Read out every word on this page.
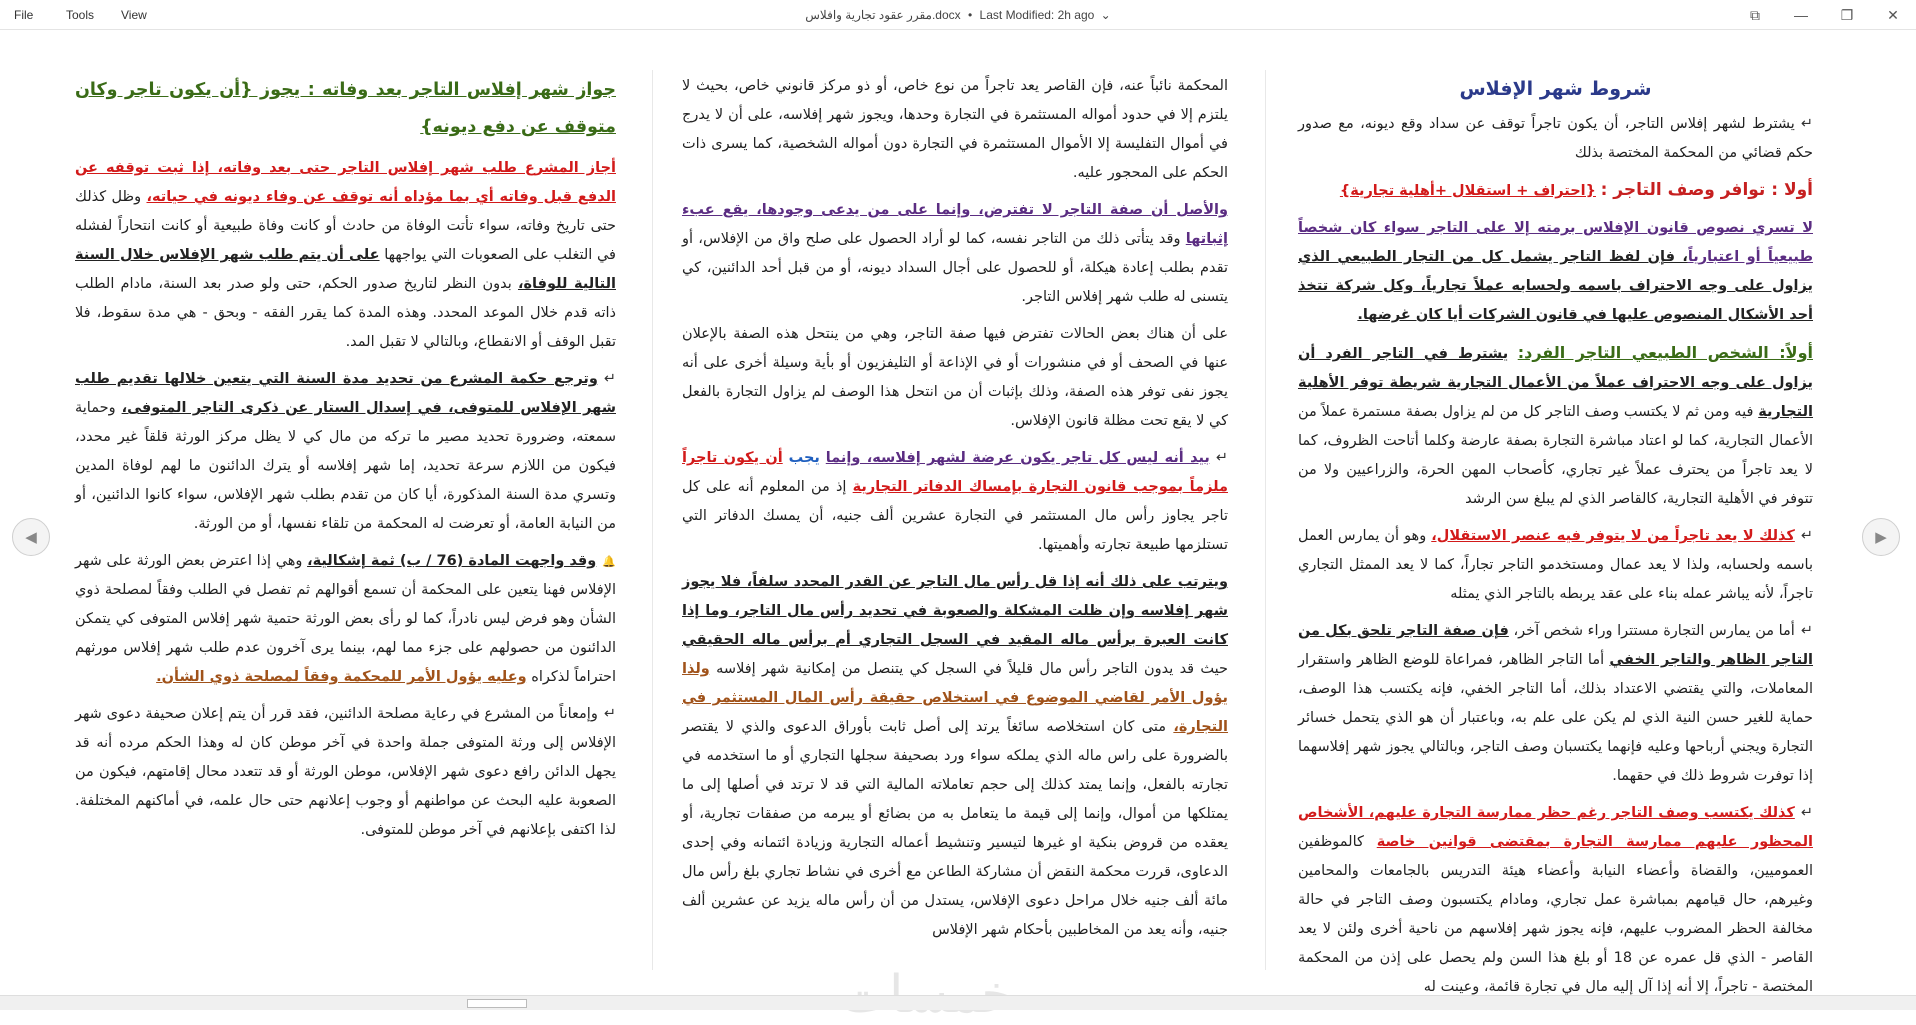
File	Tools View	مقرر عقود تجارية وافلاس.docx • Last Modified: 2h ago ⌄	⧉	—	❐	✕
شروط شهر الإفلاس

↵يشترط لشهر إفلاس التاجر، أن يكون تاجراً توقف عن سداد وقع ديونه، مع صدور حكم قضائي من المحكمة المختصة بذلك

أولا : توافر وصف التاجر : {احتراف + استقلال +أهلية تجارية}

لا تسري نصوص قانون الإفلاس برمته إلا على التاجر سواء كان شخصاً طبيعياً أو اعتبارياً، فإن لفظ التاجر يشمل كل من التجار الطبيعي الذي يزاول على وجه الاحتراف باسمه ولحسابه عملاً تجارياً، وكل شركة تتخذ أحد الأشكال المنصوص عليها في قانون الشركات أيا كان غرضها.

أولاً: الشخص الطبيعي التاجر الفرد: يشترط في التاجر الفرد أن يزاول على وجه الاحتراف عملاً من الأعمال التجارية شريطة توفر الأهلية التجارية فيه ومن ثم لا يكتسب وصف التاجر كل من لم يزاول بصفة مستمرة عملاً من الأعمال التجارية، كما لو اعتاد مباشرة التجارة بصفة عارضة وكلما أتاحت الظروف، كما لا يعد تاجراً من يحترف عملاً غير تجاري، كأصحاب المهن الحرة، والزراعيين ولا من تتوفر في الأهلية التجارية، كالقاصر الذي لم يبلغ سن الرشد

↵كذلك لا يعد تاجراً من لا يتوفر فيه عنصر الاستقلال، وهو أن يمارس العمل باسمه ولحسابه، ولذا لا يعد عمال ومستخدمو التاجر تجاراً، كما لا يعد الممثل التجاري تاجراً، لأنه يباشر عمله بناء على عقد يربطه بالتاجر الذي يمثله

↵أما من يمارس التجارة مستترا وراء شخص آخر، فإن صفة التاجر تلحق بكل من التاجر الظاهر والتاجر الخفي أما التاجر الظاهر، فمراعاة للوضع الظاهر واستقرار المعاملات، والتي يقتضي الاعتداد بذلك، أما التاجر الخفي، فإنه يكتسب هذا الوصف، حماية للغير حسن النية الذي لم يكن على علم به، وباعتبار أن هو الذي يتحمل خسائر التجارة ويجني أرباحها وعليه فإنهما يكتسبان وصف التاجر، وبالتالي يجوز شهر إفلاسهما إذا توفرت شروط ذلك في حقهما.

↵كذلك يكتسب وصف التاجر رغم حظر ممارسة التجارة عليهم، الأشخاص المحظور عليهم ممارسة التجارة بمقتضى قوانين خاصة كالموظفين العموميين، والقضاة وأعضاء النيابة وأعضاء هيئة التدريس بالجامعات والمحامين وغيرهم، حال قيامهم بمباشرة عمل تجاري، ومادام يكتسبون وصف التاجر في حالة مخالفة الحظر المضروب عليهم، فإنه يجوز شهر إفلاسهم من ناحية أخرى ولئن لا يعد القاصر - الذي قل عمره عن 18 أو بلغ هذا السن ولم يحصل على إذن من المحكمة المختصة - تاجراً، إلا أنه إذا آل إليه مال في تجارة قائمة، وعينت له

المحكمة نائباً عنه، فإن القاصر يعد تاجراً من نوع خاص، أو ذو مركز قانوني خاص، بحيث لا يلتزم إلا في حدود أمواله المستثمرة في التجارة وحدها، ويجوز شهر إفلاسه، على أن لا يدرج في أموال التفليسة إلا الأموال المستثمرة في التجارة دون أمواله الشخصية، كما يسرى ذات الحكم على المحجور عليه.

والأصل أن صفة التاجر لا تفترض، وإنما على من يدعى وجودها، يقع عبء إثباتها وقد يتأتى ذلك من التاجر نفسه، كما لو أراد الحصول على صلح واق من الإفلاس، أو تقدم بطلب إعادة هيكلة، أو للحصول على أجال السداد ديونه، أو من قبل أحد الدائنين، كي يتسنى له طلب شهر إفلاس التاجر.

على أن هناك بعض الحالات تفترض فيها صفة التاجر، وهي من ينتحل هذه الصفة بالإعلان عنها في الصحف أو في منشورات أو في الإذاعة أو التليفزيون أو بأية وسيلة أخرى على أنه يجوز نفى توفر هذه الصفة، وذلك بإثبات أن من انتحل هذا الوصف لم يزاول التجارة بالفعل كي لا يقع تحت مظلة قانون الإفلاس.

↵بيد أنه ليس كل تاجر يكون عرضة لشهر إفلاسه، وإنما يجب أن يكون تاجراً ملزماً بموجب قانون التجارة بإمساك الدفاتر التجارية إذ من المعلوم أنه على كل تاجر يجاوز رأس مال المستثمر في التجارة عشرين ألف جنيه، أن يمسك الدفاتر التي تستلزمها طبيعة تجارته وأهميتها.

ويترتب على ذلك أنه إذا قل رأس مال التاجر عن القدر المحدد سلفاً، فلا يجوز شهر إفلاسه وإن ظلت المشكلة والصعوبة في تحديد رأس مال التاجر، وما إذا كانت العبرة برأس ماله المقيد في السجل التجاري أم برأس ماله الحقيقي حيث قد يدون التاجر رأس مال قليلاً في السجل كي يتنصل من إمكانية شهر إفلاسه ولذا يؤول الأمر لقاضي الموضوع في استخلاص حقيقة رأس المال المستثمر في التجارة، متى كان استخلاصه سائغاً يرتد إلى أصل ثابت بأوراق الدعوى والذي لا يقتصر بالضرورة على راس ماله الذي يملكه سواء ورد بصحيفة سجلها التجاري أو ما استخدمه في تجارته بالفعل، وإنما يمتد كذلك إلى حجم تعاملاته المالية التي قد لا ترتد في أصلها إلى ما يمتلكها من أموال، وإنما إلى قيمة ما يتعامل به من بضائع أو يبرمه من صفقات تجارية، أو يعقده من قروض بنكية او غيرها لتيسير وتنشيط أعماله التجارية وزيادة ائتمانه وفي إحدى الدعاوى، قررت محكمة النقض أن مشاركة الطاعن مع أخرى في نشاط تجاري بلغ رأس مال مائة ألف جنيه خلال مراحل دعوى الإفلاس، يستدل من أن رأس ماله يزيد عن عشرين ألف جنيه، وأنه يعد من المخاطبين بأحكام شهر الإفلاس

جواز شهر إفلاس التاجر بعد وفاته : يجوز {أن يكون تاجر وكان متوقف عن دفع ديونه}

أجاز المشرع طلب شهر إفلاس التاجر حتى بعد وفاته، إذا ثبت توقفه عن الدفع قبل وفاته أي بما مؤداه أنه توقف عن وفاء ديونه في حياته، وظل كذلك حتى تاريخ وفاته، سواء تأتت الوفاة من حادث أو كانت وفاة طبيعية أو كانت انتحاراً لفشله في التغلب على الصعوبات التي يواجهها على أن يتم طلب شهر الإفلاس خلال السنة التالية للوفاة، بدون النظر لتاريخ صدور الحكم، حتى ولو صدر بعد السنة، مادام الطلب ذاته قدم خلال الموعد المحدد. وهذه المدة كما يقرر الفقه - وبحق - هي مدة سقوط، فلا تقبل الوقف أو الانقطاع، وبالتالي لا تقبل المد.

↵وترجع حكمة المشرع من تحديد مدة السنة التي يتعين خلالها تقديم طلب شهر الإفلاس للمتوفى، في إسدال الستار عن ذكرى التاجر المتوفى، وحماية سمعته، وضرورة تحديد مصير ما تركه من مال كي لا يظل مركز الورثة قلقاً غير محدد، فيكون من اللازم سرعة تحديد، إما شهر إفلاسه أو يترك الدائنون ما لهم لوفاة المدين وتسري مدة السنة المذكورة، أيا كان من تقدم بطلب شهر الإفلاس، سواء كانوا الدائنين، أو من النيابة العامة، أو تعرضت له المحكمة من تلقاء نفسها، أو من الورثة.

🔔وقد واجهت المادة (76 / ب) ثمة إشكالية، وهي إذا اعترض بعض الورثة على شهر الإفلاس فهنا يتعين على المحكمة أن تسمع أقوالهم ثم تفصل في الطلب وفقاً لمصلحة ذوي الشأن وهو فرض ليس نادراً، كما لو رأى بعض الورثة حتمية شهر إفلاس المتوفى كي يتمكن الدائنون من حصولهم على جزء مما لهم، بينما يرى آخرون عدم طلب شهر إفلاس مورثهم احتراماً لذكراه وعليه يؤول الأمر للمحكمة وفقاً لمصلحة ذوي الشأن.

↵وإمعاناً من المشرع في رعاية مصلحة الدائنين، فقد قرر أن يتم إعلان صحيفة دعوى شهر الإفلاس إلى ورثة المتوفى جملة واحدة في آخر موطن كان له وهذا الحكم مرده أنه قد يجهل الدائن رافع دعوى شهر الإفلاس، موطن الورثة أو قد تتعدد محال إقامتهم، فيكون من الصعوبة عليه البحث عن مواطنهم أو وجوب إعلانهم حتى حال علمه، في أماكنهم المختلفة. لذا اكتفى بإعلانهم في آخر موطن للمتوفى.

◀	▶
